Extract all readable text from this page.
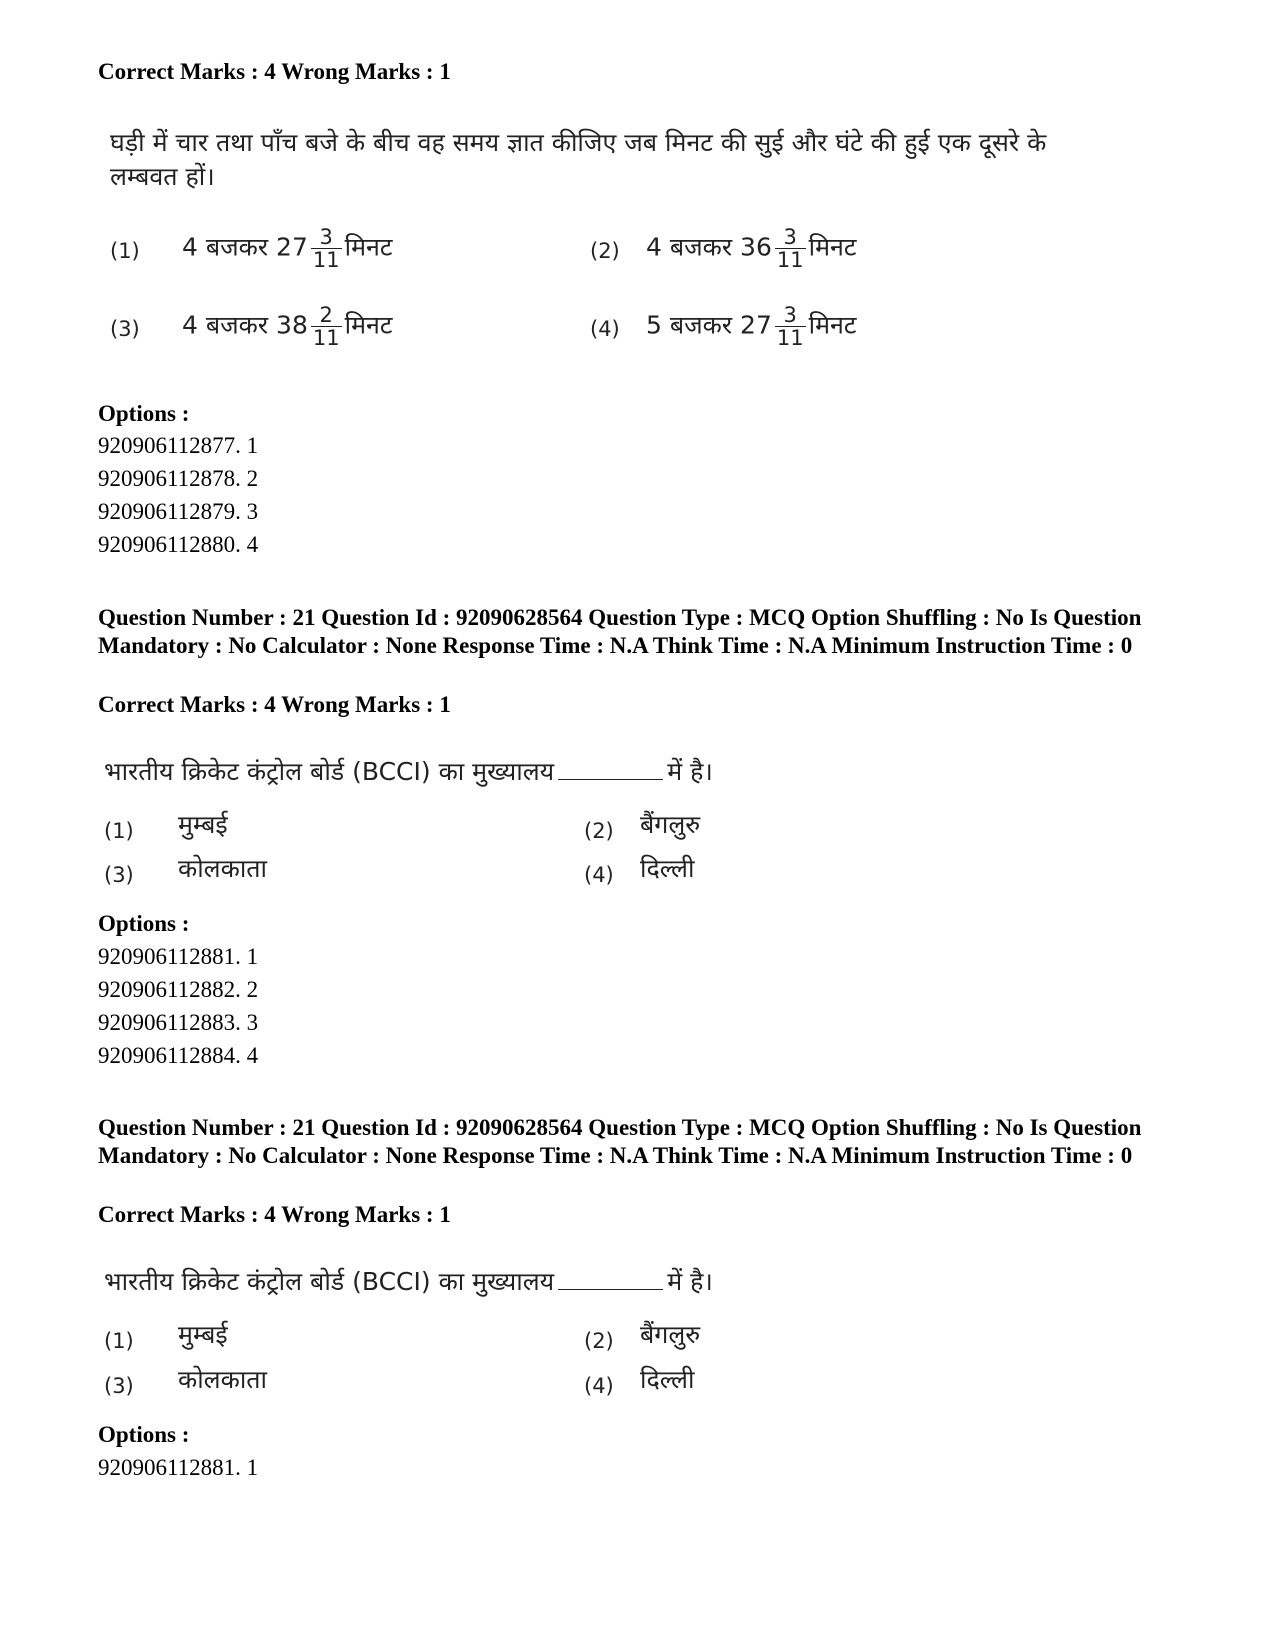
Correct Marks : 4 Wrong Marks : 1
घड़ी में चार तथा पाँच बजे के बीच वह समय ज्ञात कीजिए जब मिनट की सुई और घंटे की हुई एक दूसरे के लम्बवत हों।
(1) 4 बजकर $27 \frac{3}{11}$ मिनट	(2) 4 बजकर $36 \frac{3}{11}$ मिनट
(3) 4 बजकर $38 \frac{2}{11}$ मिनट	(4) 5 बजकर $27 \frac{3}{11}$ मिनट
Options :
920906112877. 1
920906112878. 2
920906112879. 3
920906112880. 4
Question Number : 21 Question Id : 92090628564 Question Type : MCQ Option Shuffling : No Is Question Mandatory : No Calculator : None Response Time : N.A Think Time : N.A Minimum Instruction Time : 0
Correct Marks : 4 Wrong Marks : 1
भारतीय क्रिकेट कंट्रोल बोर्ड (BCCI) का मुख्यालय	में है।
(1) मुम्बई	(2) बैंगलुरु
(3) कोलकाता	(4) दिल्ली
Options :
920906112881. 1
920906112882. 2
920906112883. 3
920906112884. 4
Question Number : 21 Question Id : 92090628564 Question Type : MCQ Option Shuffling : No Is Question Mandatory : No Calculator : None Response Time : N.A Think Time : N.A Minimum Instruction Time : 0
Correct Marks : 4 Wrong Marks : 1
भारतीय क्रिकेट कंट्रोल बोर्ड (BCCI) का मुख्यालय	में है।
(1) मुम्बई	(2) बैंगलुरु
(3) कोलकाता	(4) दिल्ली
Options :
920906112881. 1
